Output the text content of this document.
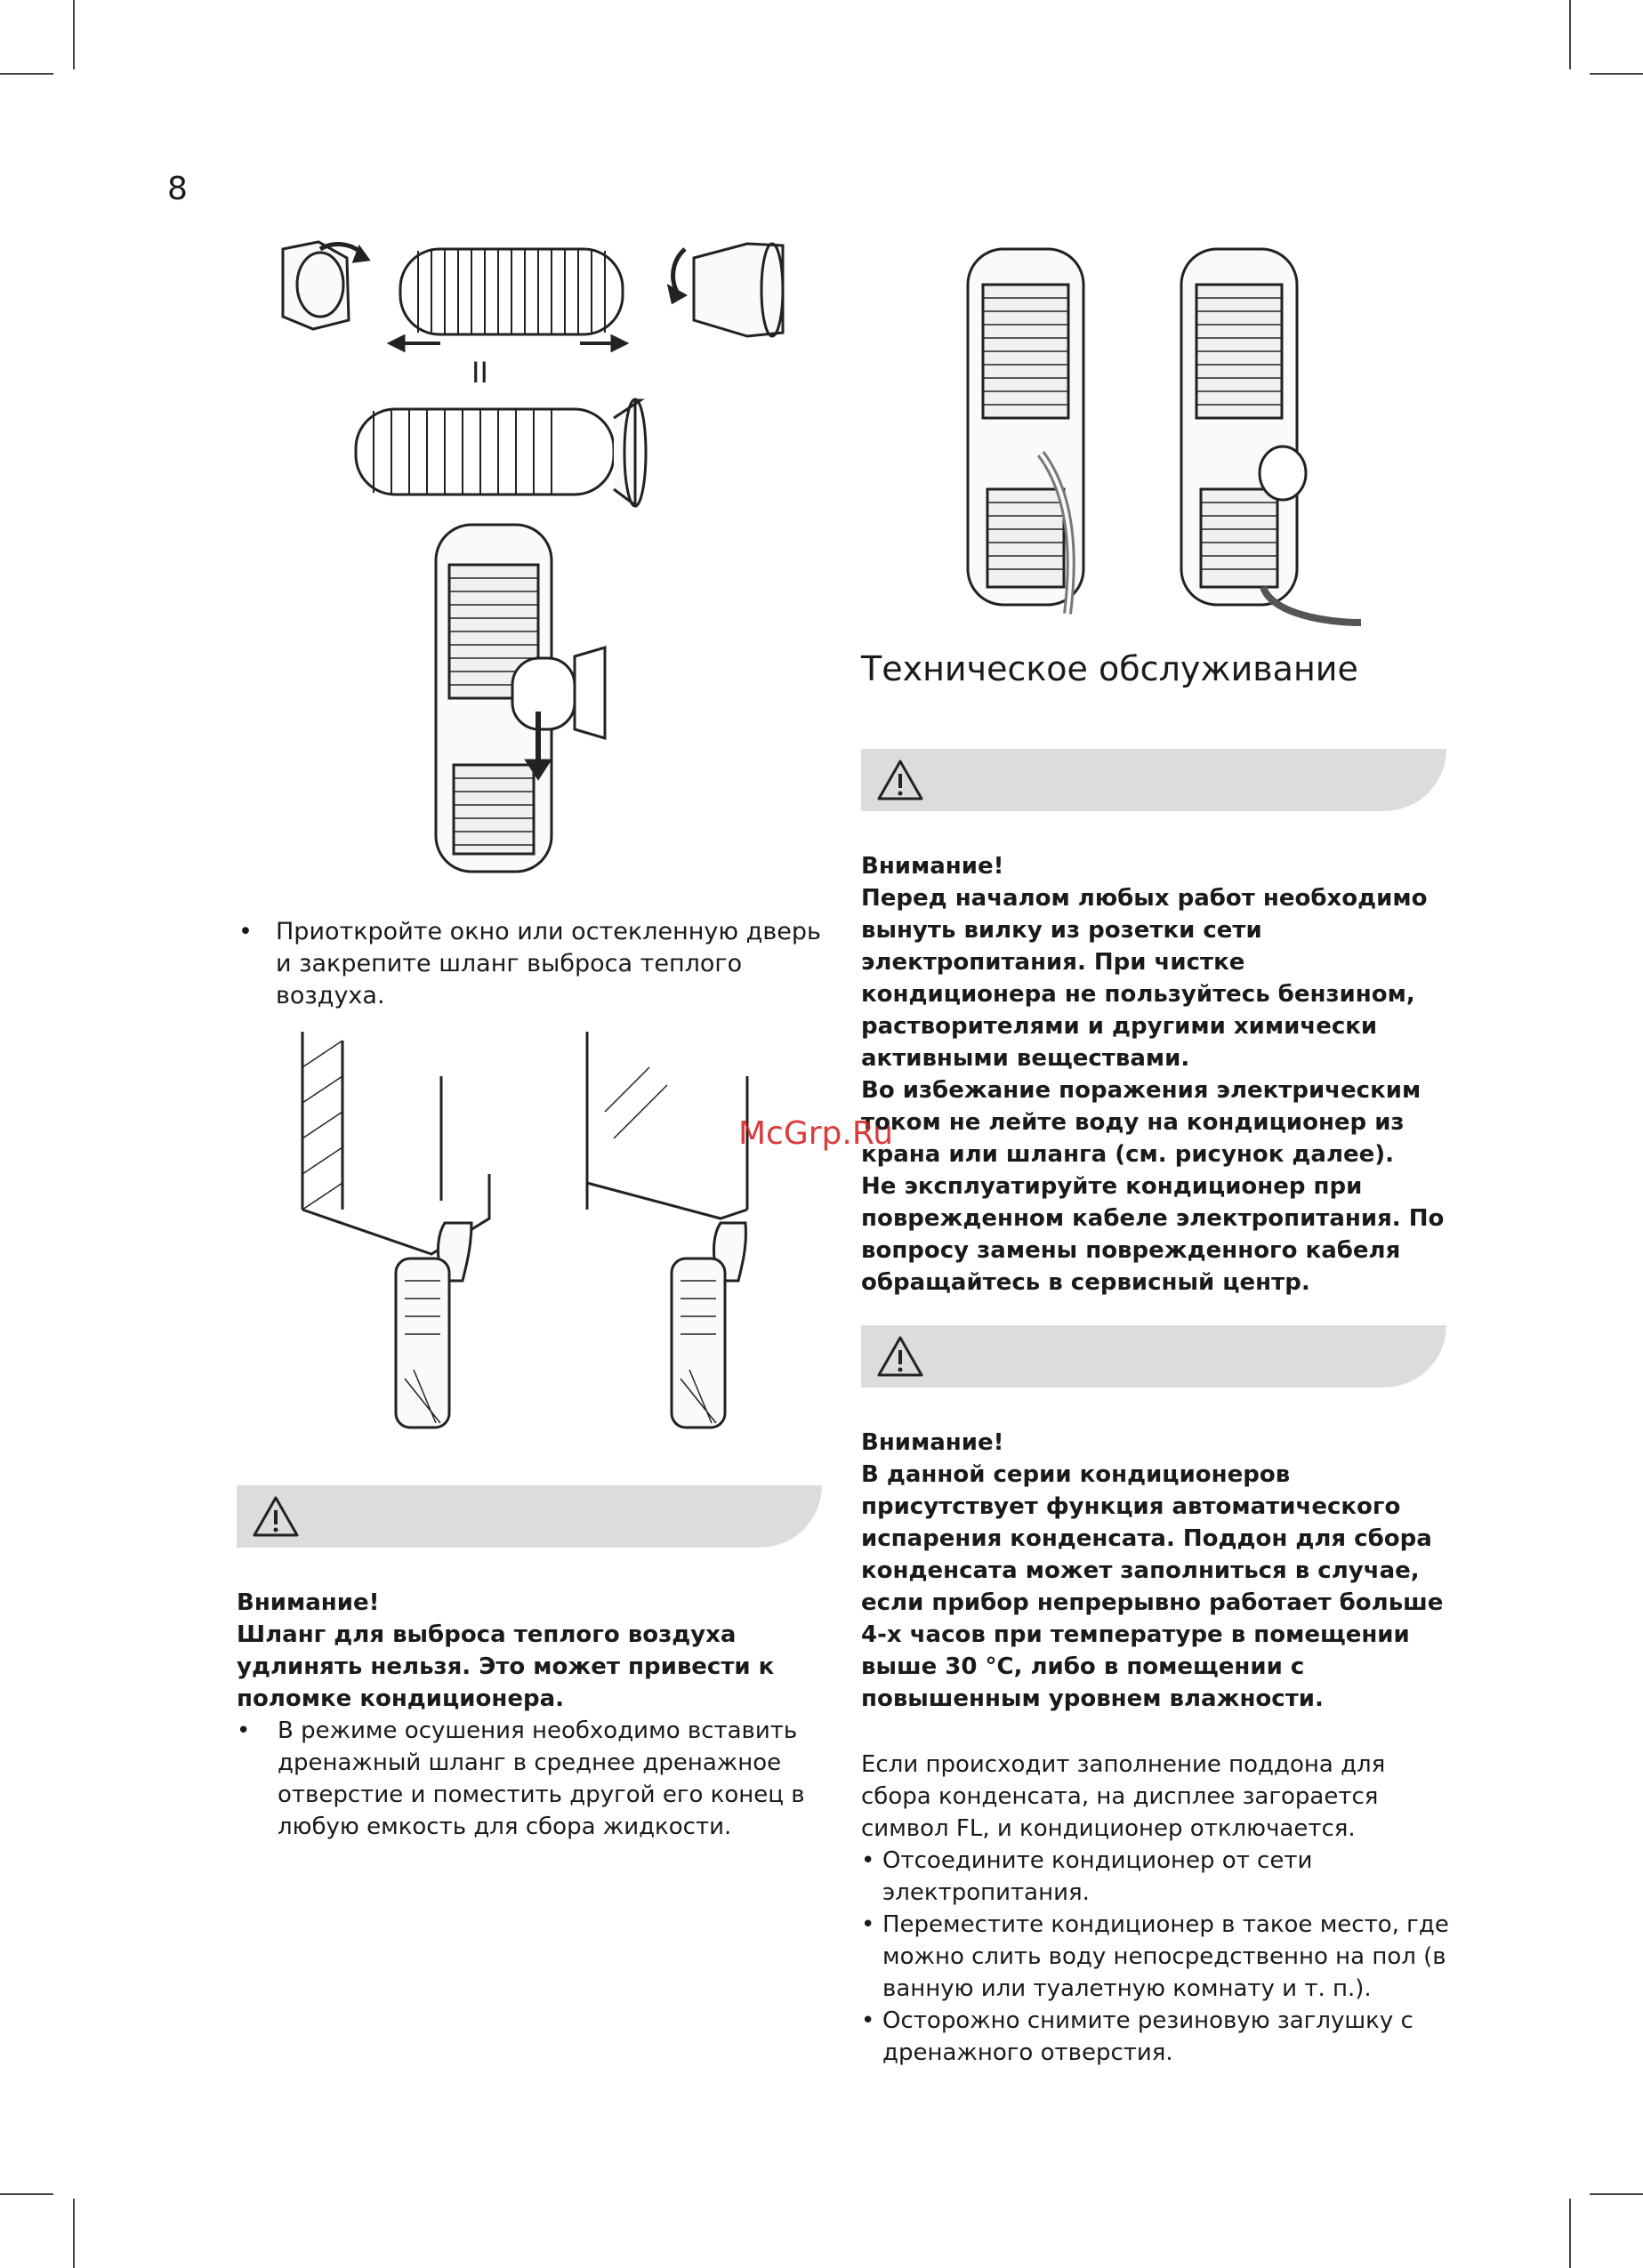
8
II
• Приоткройте окно или остекленную дверь и закрепите шланг выброса теплого воздуха.

Внимание!

Шланг для выброса теплого воздуха удлинять нельзя. Это может привести к поломке кондиционера.

•	В режиме осушения необходимо вставить дренажный шланг в среднее дренажное отверстие и поместить другой его конец в любую емкость для сбора жидкости.
Техническое обслуживание

Внимание!

Перед началом любых работ необходимо вынуть вилку из розетки сети электропитания. При чистке кондиционера не пользуйтесь бензином, растворителями и другими химически активными веществами.

Во избежание поражения электрическим током не лейте воду на кондиционер из крана или шланга (см. рисунок далее).

Не эксплуатируйте кондиционер при поврежденном кабеле электропитания. По вопросу замены поврежденного кабеля обращайтесь в сервисный центр.

Внимание!

В данной серии кондиционеров присутствует функция автоматического испарения конденсата. Поддон для сбора конденсата может заполниться в случае, если прибор непрерывно работает больше 4-х часов при температуре в помещении выше 30 °С, либо в помещении с повышенным уровнем влажности.

Если происходит заполнение поддона для сбора конденсата, на дисплее загорается символ FL, и кондиционер отключается.

• Отсоедините кондиционер от сети электропитания.

• Переместите кондиционер в такое место, где можно слить воду непосредственно на пол (в ванную или туалетную комнату и т. п.).

• Осторожно снимите резиновую заглушку с дренажного отверстия.

McGrp.Ru
